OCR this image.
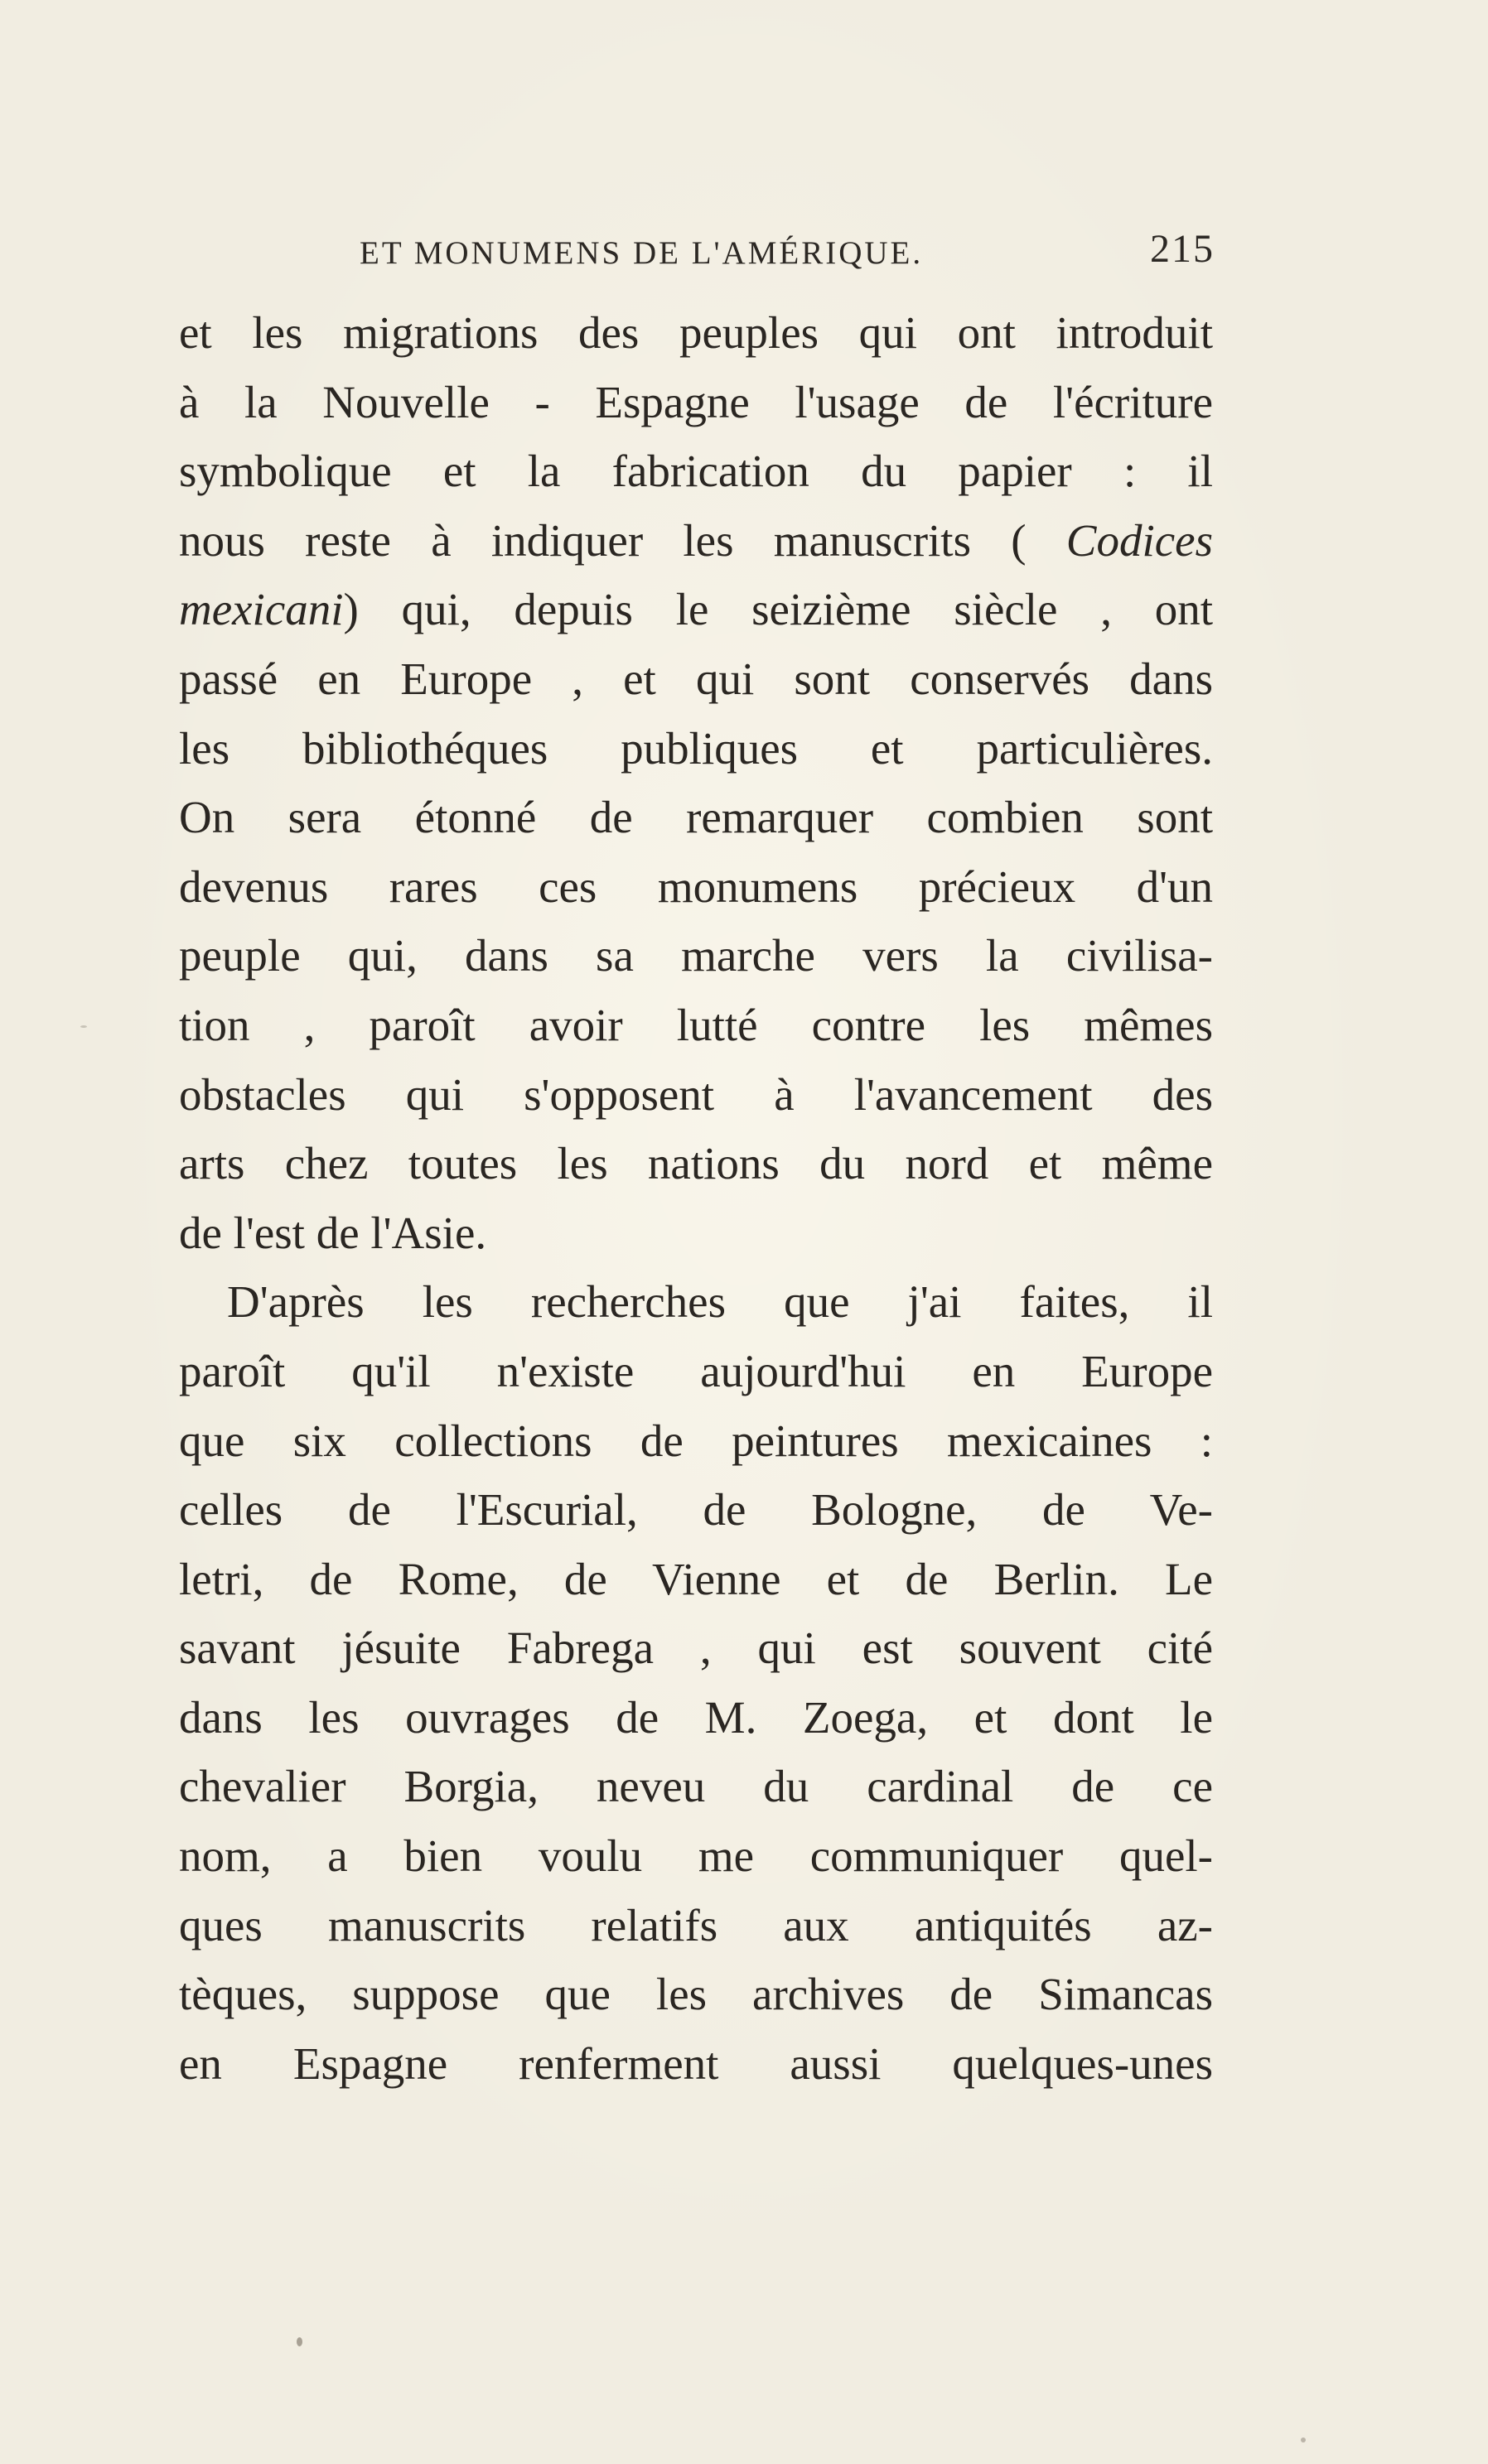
ET MONUMENS DE L'AMÉRIQUE.	215
et les migrations des peuples qui ont introduit
à la Nouvelle - Espagne l'usage de l'écriture
symbolique et la fabrication du papier : il
nous reste à indiquer les manuscrits ( Codices
mexicani) qui, depuis le seizième siècle , ont
passé en Europe , et qui sont conservés dans
les bibliothéques publiques et particulières.
On sera étonné de remarquer combien sont
devenus rares ces monumens précieux d'un
peuple qui, dans sa marche vers la civilisa-
tion , paroît avoir lutté contre les mêmes
obstacles qui s'opposent à l'avancement des
arts chez toutes les nations du nord et même
de l'est de l'Asie.
D'après les recherches que j'ai faites, il
paroît qu'il n'existe aujourd'hui en Europe
que six collections de peintures mexicaines :
celles de l'Escurial, de Bologne, de Ve-
letri, de Rome, de Vienne et de Berlin. Le
savant jésuite Fabrega , qui est souvent cité
dans les ouvrages de M. Zoega, et dont le
chevalier Borgia, neveu du cardinal de ce
nom, a bien voulu me communiquer quel-
ques manuscrits relatifs aux antiquités az-
tèques, suppose que les archives de Simancas
en Espagne renferment aussi quelques-unes
